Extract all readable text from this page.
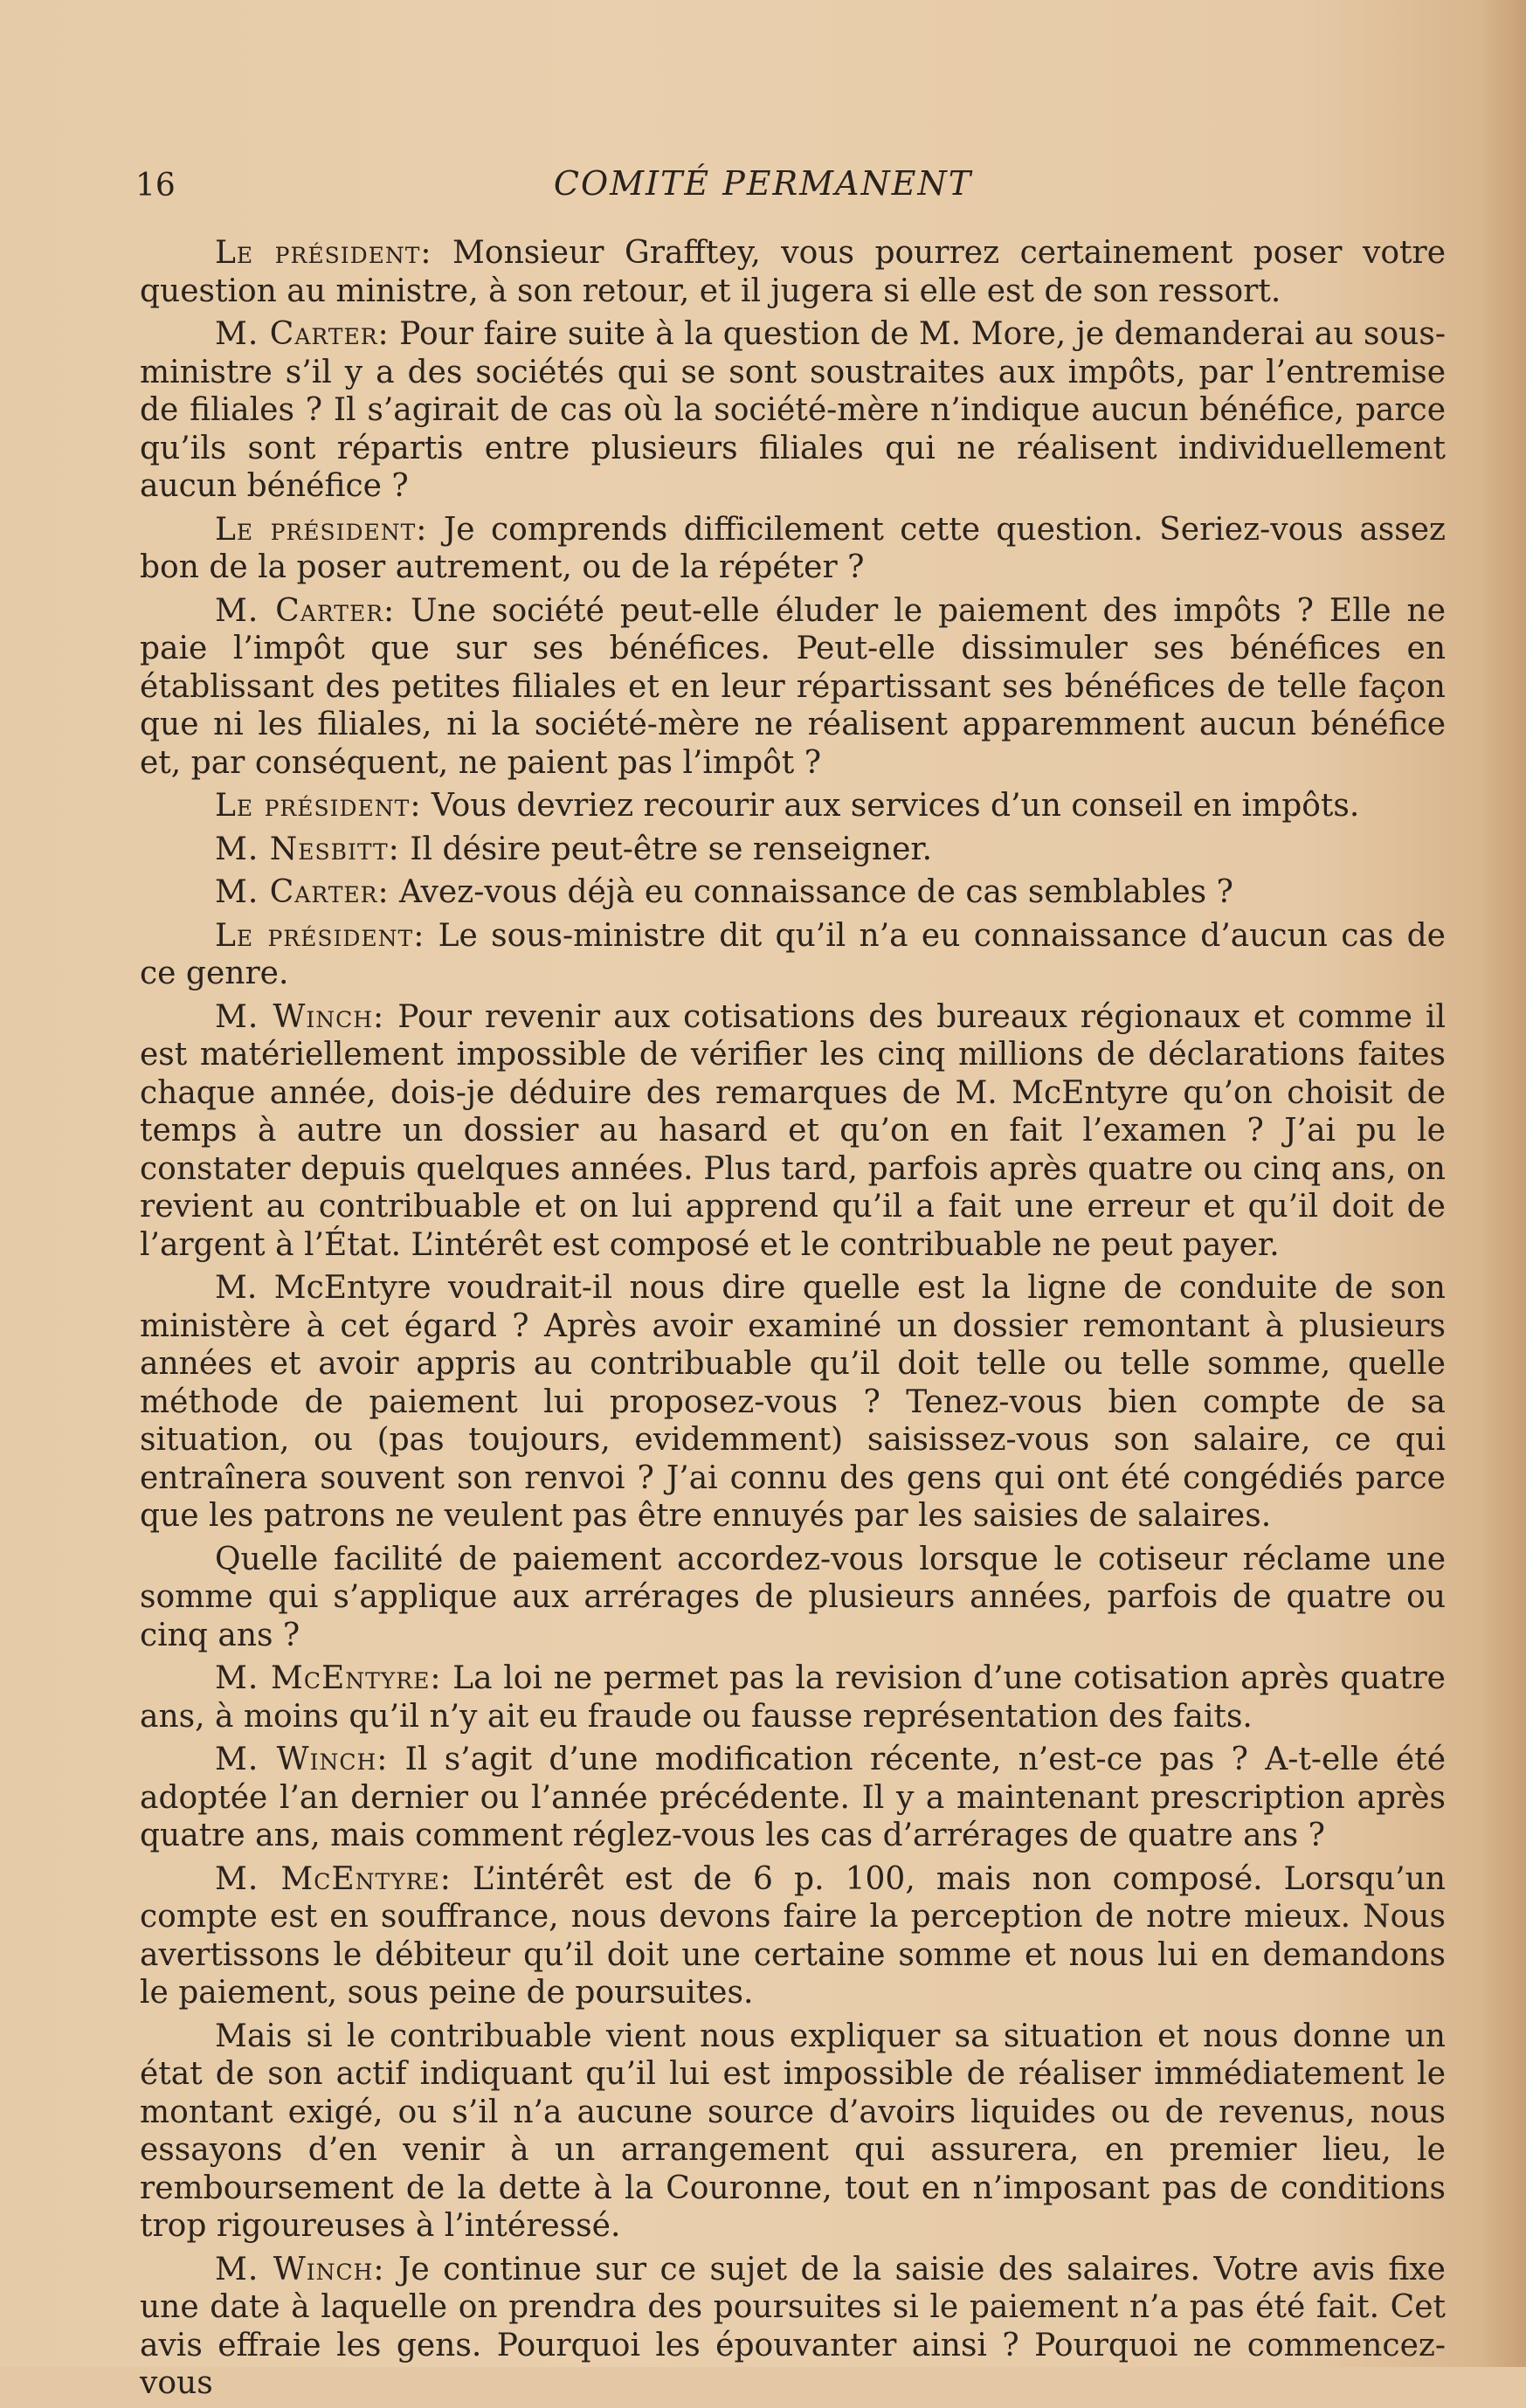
16	COMITÉ PERMANENT

Le président: Monsieur Grafftey, vous pourrez certainement poser votre question au ministre, à son retour, et il jugera si elle est de son ressort.

M. Carter: Pour faire suite à la question de M. More, je demanderai au sous-ministre s’il y a des sociétés qui se sont soustraites aux impôts, par l’entremise de filiales ? Il s’agirait de cas où la société-mère n’indique aucun bénéfice, parce qu’ils sont répartis entre plusieurs filiales qui ne réalisent individuellement aucun bénéfice ?

Le président: Je comprends difficilement cette question. Seriez-vous assez bon de la poser autrement, ou de la répéter ?

M. Carter: Une société peut-elle éluder le paiement des impôts ? Elle ne paie l’impôt que sur ses bénéfices. Peut-elle dissimuler ses bénéfices en établissant des petites filiales et en leur répartissant ses bénéfices de telle façon que ni les filiales, ni la société-mère ne réalisent apparemment aucun bénéfice et, par conséquent, ne paient pas l’impôt ?

Le président: Vous devriez recourir aux services d’un conseil en impôts.

M. Nesbitt: Il désire peut-être se renseigner.

M. Carter: Avez-vous déjà eu connaissance de cas semblables ?

Le président: Le sous-ministre dit qu’il n’a eu connaissance d’aucun cas de ce genre.

M. Winch: Pour revenir aux cotisations des bureaux régionaux et comme il est matériellement impossible de vérifier les cinq millions de déclarations faites chaque année, dois-je déduire des remarques de M. McEntyre qu’on choisit de temps à autre un dossier au hasard et qu’on en fait l’examen ? J’ai pu le constater depuis quelques années. Plus tard, parfois après quatre ou cinq ans, on revient au contribuable et on lui apprend qu’il a fait une erreur et qu’il doit de l’argent à l’État. L’intérêt est composé et le contribuable ne peut payer.

M. McEntyre voudrait-il nous dire quelle est la ligne de conduite de son ministère à cet égard ? Après avoir examiné un dossier remontant à plusieurs années et avoir appris au contribuable qu’il doit telle ou telle somme, quelle méthode de paiement lui proposez-vous ? Tenez-vous bien compte de sa situation, ou (pas toujours, evidemment) saisissez-vous son salaire, ce qui entraînera souvent son renvoi ? J’ai connu des gens qui ont été congédiés parce que les patrons ne veulent pas être ennuyés par les saisies de salaires.

Quelle facilité de paiement accordez-vous lorsque le cotiseur réclame une somme qui s’applique aux arrérages de plusieurs années, parfois de quatre ou cinq ans ?

M. McEntyre: La loi ne permet pas la revision d’une cotisation après quatre ans, à moins qu’il n’y ait eu fraude ou fausse représentation des faits.

M. Winch: Il s’agit d’une modification récente, n’est-ce pas ? A-t-elle été adoptée l’an dernier ou l’année précédente. Il y a maintenant prescription après quatre ans, mais comment réglez-vous les cas d’arrérages de quatre ans ?

M. McEntyre: L’intérêt est de 6 p. 100, mais non composé. Lorsqu’un compte est en souffrance, nous devons faire la perception de notre mieux. Nous avertissons le débiteur qu’il doit une certaine somme et nous lui en demandons le paiement, sous peine de poursuites.

Mais si le contribuable vient nous expliquer sa situation et nous donne un état de son actif indiquant qu’il lui est impossible de réaliser immédiatement le montant exigé, ou s’il n’a aucune source d’avoirs liquides ou de revenus, nous essayons d’en venir à un arrangement qui assurera, en premier lieu, le remboursement de la dette à la Couronne, tout en n’imposant pas de conditions trop rigoureuses à l’intéressé.

M. Winch: Je continue sur ce sujet de la saisie des salaires. Votre avis fixe une date à laquelle on prendra des poursuites si le paiement n’a pas été fait. Cet avis effraie les gens. Pourquoi les épouvanter ainsi ? Pourquoi ne commencez-vous
